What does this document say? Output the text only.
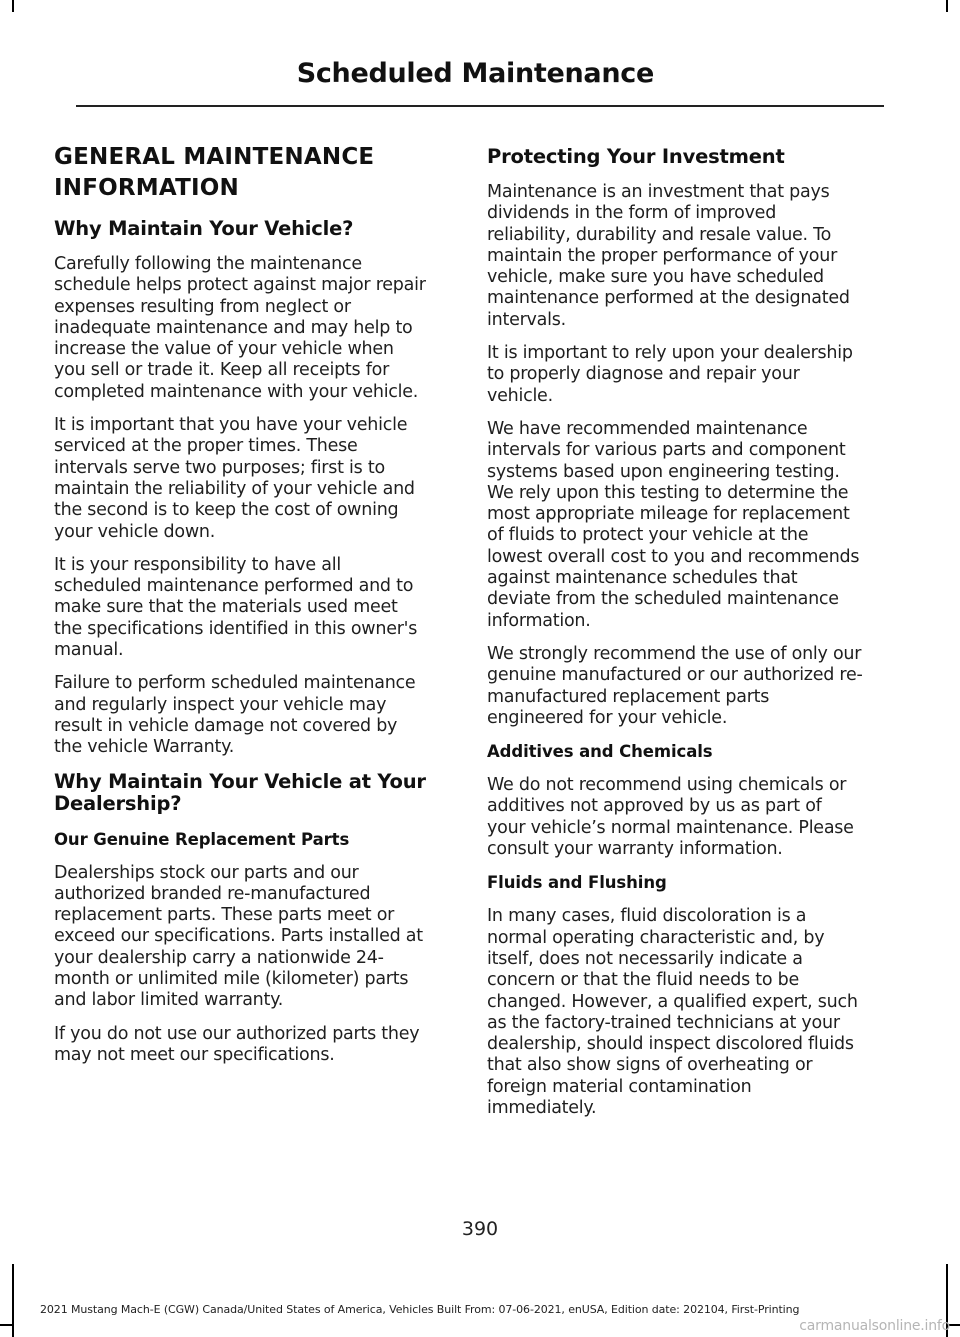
Scheduled Maintenance
GENERAL MAINTENANCE INFORMATION
Why Maintain Your Vehicle?

Carefully following the maintenance schedule helps protect against major repair expenses resulting from neglect or inadequate maintenance and may help to increase the value of your vehicle when you sell or trade it. Keep all receipts for completed maintenance with your vehicle.

It is important that you have your vehicle serviced at the proper times. These intervals serve two purposes; first is to maintain the reliability of your vehicle and the second is to keep the cost of owning your vehicle down.

It is your responsibility to have all scheduled maintenance performed and to make sure that the materials used meet the specifications identified in this owner's manual.

Failure to perform scheduled maintenance and regularly inspect your vehicle may result in vehicle damage not covered by the vehicle Warranty.

Why Maintain Your Vehicle at Your Dealership?
Our Genuine Replacement Parts

Dealerships stock our parts and our authorized branded re-manufactured replacement parts. These parts meet or exceed our specifications. Parts installed at your dealership carry a nationwide 24-month or unlimited mile (kilometer) parts and labor limited warranty.

If you do not use our authorized parts they may not meet our specifications.

Protecting Your Investment

Maintenance is an investment that pays dividends in the form of improved reliability, durability and resale value. To maintain the proper performance of your vehicle, make sure you have scheduled maintenance performed at the designated intervals.

It is important to rely upon your dealership to properly diagnose and repair your vehicle.

We have recommended maintenance intervals for various parts and component systems based upon engineering testing. We rely upon this testing to determine the most appropriate mileage for replacement of fluids to protect your vehicle at the lowest overall cost to you and recommends against maintenance schedules that deviate from the scheduled maintenance information.

We strongly recommend the use of only our genuine manufactured or our authorized re-manufactured replacement parts engineered for your vehicle.

Additives and Chemicals

We do not recommend using chemicals or additives not approved by us as part of your vehicle’s normal maintenance. Please consult your warranty information.

Fluids and Flushing

In many cases, fluid discoloration is a normal operating characteristic and, by itself, does not necessarily indicate a concern or that the fluid needs to be changed. However, a qualified expert, such as the factory-trained technicians at your dealership, should inspect discolored fluids that also show signs of overheating or foreign material contamination immediately.

390
2021 Mustang Mach-E (CGW) Canada/United States of America, Vehicles Built From: 07-06-2021, enUSA, Edition date: 202104, First-Printing
carmanualsonline.info
